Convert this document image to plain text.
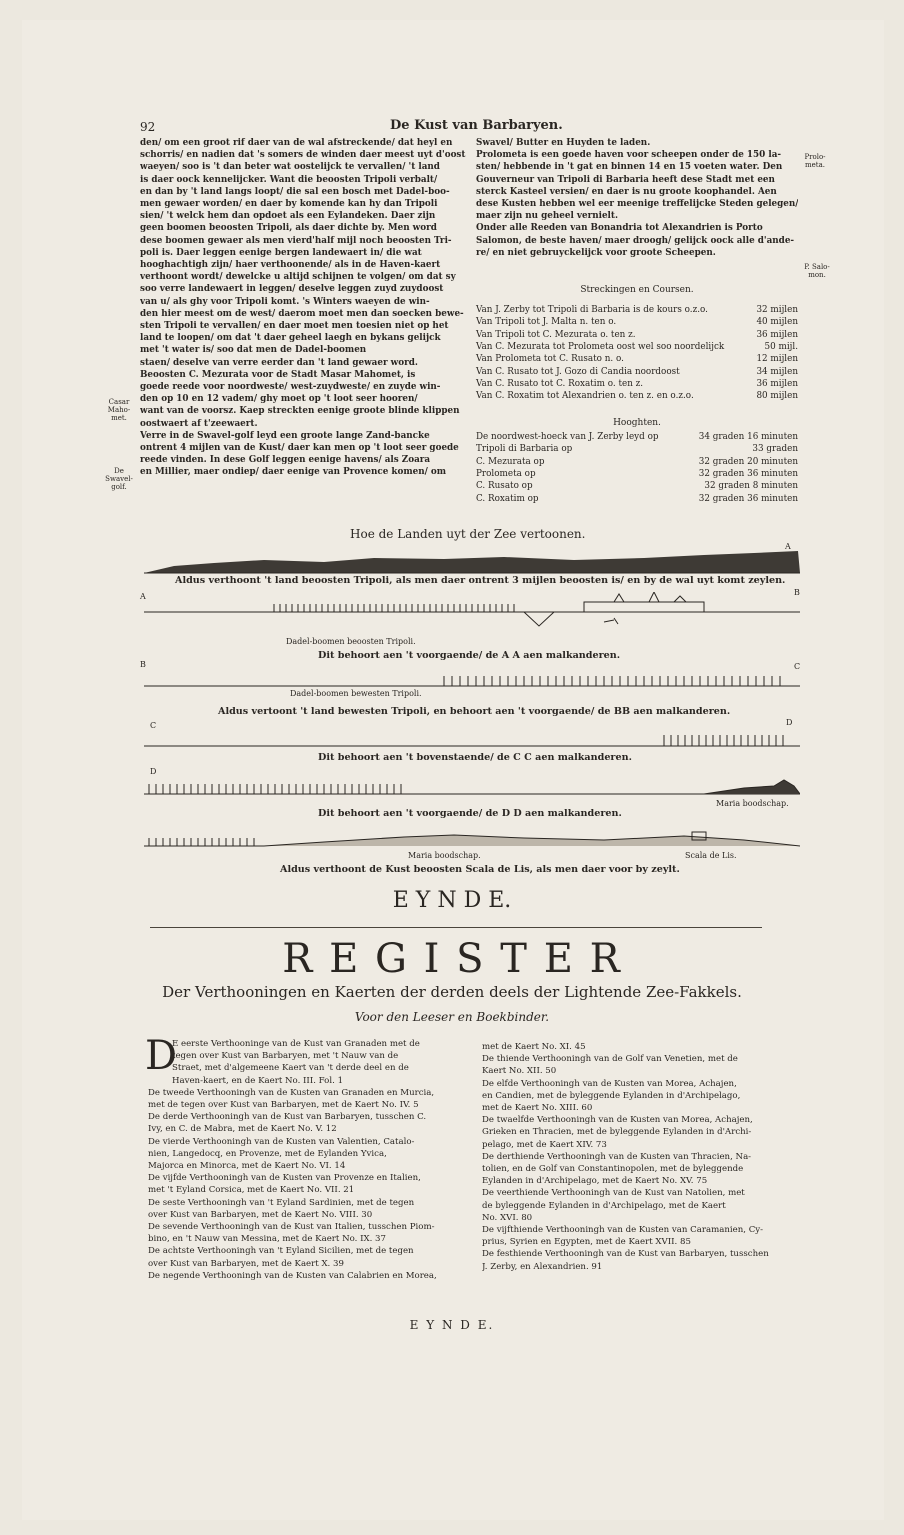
92	De Kust van Barbaryen.
den/ om een groot rif daer van de wal afstreckende/ dat heyl en
schorris/ en nadien dat 's somers de winden daer meest uyt d'oost
waeyen/ soo is 't dan beter wat oostelijck te vervallen/ 't land
is daer oock kennelijcker. Want die beoosten Tripoli verbalt/
en dan by 't land langs loopt/ die sal een bosch met Dadel-boo-
men gewaer worden/ en daer by komende kan hy dan Tripoli
sien/ 't welck hem dan opdoet als een Eylandeken. Daer zijn
geen boomen beoosten Tripoli, als daer dichte by. Men word
dese boomen gewaer als men vierd'half mijl noch beoosten Tri-
poli is. Daer leggen eenige bergen landewaert in/ die wat
hooghachtigh zijn/ haer verthoonende/ als in de Haven-kaert
verthoont wordt/ dewelcke u altijd schijnen te volgen/ om dat sy
soo verre landewaert in leggen/ deselve leggen zuyd zuydoost
van u/ als ghy voor Tripoli komt. 's Winters waeyen de win-
den hier meest om de west/ daerom moet men dan soecken bewe-
sten Tripoli te vervallen/ en daer moet men toesien niet op het
land te loopen/ om dat 't daer geheel laegh en bykans gelijck
met 't water is/ soo dat men de Dadel-boomen
staen/ deselve van verre eerder dan 't land gewaer word.
Beoosten C. Mezurata voor de Stadt Masar Mahomet, is
goede reede voor noordweste/ west-zuydweste/ en zuyde win-
den op 10 en 12 vadem/ ghy moet op 't loot seer hooren/
want van de voorsz. Kaep streckten eenige groote blinde klippen
oostwaert af t'zeewaert.
Verre in de Swavel-golf leyd een groote lange Zand-bancke
ontrent 4 mijlen van de Kust/ daer kan men op 't loot seer goede
reede vinden. In dese Golf leggen eenige havens/ als Zoara
en Millier, maer ondiep/ daer eenige van Provence komen/ om
Casar
Maho-
met.
De
Swavel-
golf.
Swavel/ Butter en Huyden te laden.
Prolometa is een goede haven voor scheepen onder de 150 la-
sten/ hebbende in 't gat en binnen 14 en 15 voeten water. Den
Gouverneur van Tripoli di Barbaria heeft dese Stadt met een
sterck Kasteel versien/ en daer is nu groote koophandel. Aen
dese Kusten hebben wel eer meenige treffelijcke Steden gelegen/
maer zijn nu geheel vernielt.
Onder alle Reeden van Bonandria tot Alexandrien is Porto
Salomon, de beste haven/ maer droogh/ gelijck oock alle d'ande-
re/ en niet gebruyckelijck voor groote Scheepen.
Prolo-
meta.
P. Salo-
mon.
Streckingen en Coursen.
Van J. Zerby tot Tripoli di Barbaria is de kours o.z.o.	32 mijlen
Van Tripoli tot J. Malta n. ten o.	40 mijlen
Van Tripoli tot C. Mezurata o. ten z.	36 mijlen
Van C. Mezurata tot Prolometa oost wel soo noordelijck	50 mijl.
Van Prolometa tot C. Rusato n. o.	12 mijlen
Van C. Rusato tot J. Gozo di Candia noordoost	34 mijlen
Van C. Rusato tot C. Roxatim o. ten z.	36 mijlen
Van C. Roxatim tot Alexandrien o. ten z. en o.z.o.	80 mijlen
Hooghten.
De noordwest-hoeck van J. Zerby leyd op	34 graden 16 minuten
Tripoli di Barbaria op	33 graden
C. Mezurata op	32 graden 20 minuten
Prolometa op	32 graden 36 minuten
C. Rusato op	32 graden 8 minuten
C. Roxatim op	32 graden 36 minuten
Hoe de Landen uyt der Zee vertoonen.
A
Aldus verthoont 't land beoosten Tripoli, als men daer ontrent 3 mijlen beoosten is/ en by de wal uyt komt zeylen.
A	B
Dadel-boomen beoosten Tripoli.
Dit behoort aen 't voorgaende/ de A A aen malkanderen.
B	C
Dadel-boomen bewesten Tripoli.
Aldus vertoont 't land bewesten Tripoli, en behoort aen 't voorgaende/ de BB aen malkanderen.
C	D
Dit behoort aen 't bovenstaende/ de C C aen malkanderen.
D
Maria boodschap.
Dit behoort aen 't voorgaende/ de D D aen malkanderen.
Maria boodschap.	Scala de Lis.
Aldus verthoont de Kust beoosten Scala de Lis, als men daer voor by zeylt.
E Y N D E.
R E G I S T E R
Der Verthooningen en Kaerten der derden deels der Lightende Zee-Fakkels.
Voor den Leeser en Boekbinder.
D
E eerste Verthooninge van de Kust van Granaden met de
tegen over Kust van Barbaryen, met 't Nauw van de
Straet, met d'algemeene Kaert van 't derde deel en de
Haven-kaert, en de Kaert No. III. Fol. 1
De tweede Verthooningh van de Kusten van Granaden en Murcia,
met de tegen over Kust van Barbaryen, met de Kaert No. IV. 5
De derde Verthooningh van de Kust van Barbaryen, tusschen C.
Ivy, en C. de Mabra, met de Kaert No. V. 12
De vierde Verthooningh van de Kusten van Valentien, Catalo-
nien, Langedocq, en Provenze, met de Eylanden Yvica,
Majorca en Minorca, met de Kaert No. VI. 14
De vijfde Verthooningh van de Kusten van Provenze en Italien,
met 't Eyland Corsica, met de Kaert No. VII. 21
De seste Verthooningh van 't Eyland Sardinien, met de tegen
over Kust van Barbaryen, met de Kaert No. VIII. 30
De sevende Verthooningh van de Kust van Italien, tusschen Piom-
bino, en 't Nauw van Messina, met de Kaert No. IX. 37
De achtste Verthooningh van 't Eyland Sicilien, met de tegen
over Kust van Barbaryen, met de Kaert X. 39
De negende Verthooningh van de Kusten van Calabrien en Morea,
met de Kaert No. XI. 45
De thiende Verthooningh van de Golf van Venetien, met de
Kaert No. XII. 50
De elfde Verthooningh van de Kusten van Morea, Achajen,
en Candien, met de byleggende Eylanden in d'Archipelago,
met de Kaert No. XIII. 60
De twaelfde Verthooningh van de Kusten van Morea, Achajen,
Grieken en Thracien, met de byleggende Eylanden in d'Archi-
pelago, met de Kaert XIV. 73
De derthiende Verthooningh van de Kusten van Thracien, Na-
tolien, en de Golf van Constantinopolen, met de byleggende
Eylanden in d'Archipelago, met de Kaert No. XV. 75
De veerthiende Verthooningh van de Kust van Natolien, met
de byleggende Eylanden in d'Archipelago, met de Kaert
No. XVI. 80
De vijfthiende Verthooningh van de Kusten van Caramanien, Cy-
prius, Syrien en Egypten, met de Kaert XVII. 85
De festhiende Verthooningh van de Kust van Barbaryen, tusschen
J. Zerby, en Alexandrien. 91
E Y N D E.
